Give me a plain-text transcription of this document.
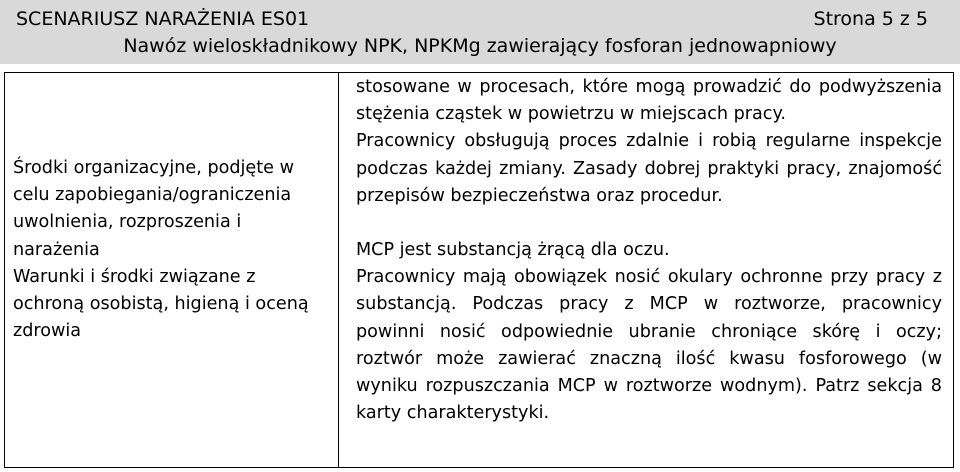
SCENARIUSZ NARAŻENIA ES01	Strona 5 z 5
Nawóz wieloskładnikowy NPK, NPKMg zawierający fosforan jednowapniowy
Środki organizacyjne, podjęte w celu zapobiegania/ograniczenia uwolnienia, rozproszenia i narażenia
Warunki i środki związane z ochroną osobistą, higieną i oceną zdrowia

stosowane w procesach, które mogą prowadzić do podwyższenia stężenia cząstek w powietrzu w miejscach pracy.

Pracownicy obsługują proces zdalnie i robią regularne inspekcje podczas każdej zmiany. Zasady dobrej praktyki pracy, znajomość przepisów bezpieczeństwa oraz procedur.

MCP jest substancją żrącą dla oczu.

Pracownicy mają obowiązek nosić okulary ochronne przy pracy z substancją. Podczas pracy z MCP w roztworze, pracownicy powinni nosić odpowiednie ubranie chroniące skórę i oczy; roztwór może zawierać znaczną ilość kwasu fosforowego (w wyniku rozpuszczania MCP w roztworze wodnym). Patrz sekcja 8 karty charakterystyki.
